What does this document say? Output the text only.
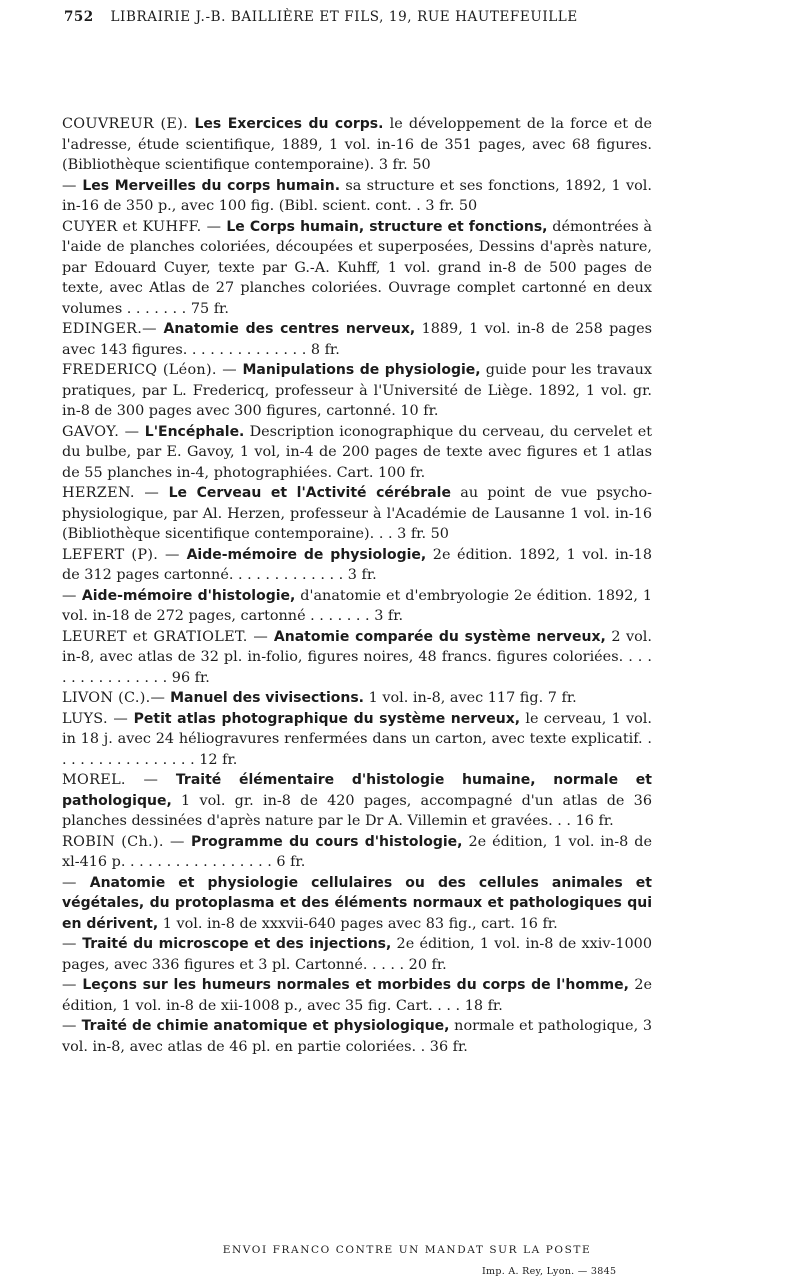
752 LIBRAIRIE J.-B. BAILLIÈRE ET FILS, 19, RUE HAUTEFEUILLE
COUVREUR (E). Les Exercices du corps. le développement de la force et de l'adresse, étude scientifique, 1889, 1 vol. in-16 de 351 pages, avec 68 figures. (Bibliothèque scientifique contemporaine). 3 fr. 50
— Les Merveilles du corps humain. sa structure et ses fonctions, 1892, 1 vol. in-16 de 350 p., avec 100 fig. (Bibl. scient. cont. . 3 fr. 50
CUYER et KUHFF. — Le Corps humain, structure et fonctions, démontrées à l'aide de planches coloriées, découpées et superposées, Dessins d'après nature, par Edouard Cuyer, texte par G.-A. Kuhff, 1 vol. grand in-8 de 500 pages de texte, avec Atlas de 27 planches coloriées. Ouvrage complet cartonné en deux volumes . . . . . . . 75 fr.
EDINGER.— Anatomie des centres nerveux, 1889, 1 vol. in-8 de 258 pages avec 143 figures. . . . . . . . . . . . . . 8 fr.
FREDERICQ (Léon). — Manipulations de physiologie, guide pour les travaux pratiques, par L. Fredericq, professeur à l'Université de Liège. 1892, 1 vol. gr. in-8 de 300 pages avec 300 figures, cartonné. 10 fr.
GAVOY. — L'Encéphale. Description iconographique du cerveau, du cervelet et du bulbe, par E. Gavoy, 1 vol, in-4 de 200 pages de texte avec figures et 1 atlas de 55 planches in-4, photographiées. Cart. 100 fr.
HERZEN. — Le Cerveau et l'Activité cérébrale au point de vue psycho-physiologique, par Al. Herzen, professeur à l'Académie de Lausanne 1 vol. in-16 (Bibliothèque sicentifique contemporaine). . . 3 fr. 50
LEFERT (P). — Aide-mémoire de physiologie, 2e édition. 1892, 1 vol. in-18 de 312 pages cartonné. . . . . . . . . . . . . 3 fr.
— Aide-mémoire d'histologie, d'anatomie et d'embryologie 2e édition. 1892, 1 vol. in-18 de 272 pages, cartonné . . . . . . . 3 fr.
LEURET et GRATIOLET. — Anatomie comparée du système nerveux, 2 vol. in-8, avec atlas de 32 pl. in-folio, figures noires, 48 francs. figures coloriées. . . . . . . . . . . . . . . . 96 fr.
LIVON (C.).— Manuel des vivisections. 1 vol. in-8, avec 117 fig. 7 fr.
LUYS. — Petit atlas photographique du système nerveux, le cerveau, 1 vol. in 18 j. avec 24 héliogravures renfermées dans un carton, avec texte explicatif. . . . . . . . . . . . . . . . . 12 fr.
MOREL. — Traité élémentaire d'histologie humaine, normale et pathologique, 1 vol. gr. in-8 de 420 pages, accompagné d'un atlas de 36 planches dessinées d'après nature par le Dr A. Villemin et gravées. . . 16 fr.
ROBIN (Ch.). — Programme du cours d'histologie, 2e édition, 1 vol. in-8 de xl-416 p. . . . . . . . . . . . . . . . . 6 fr.
— Anatomie et physiologie cellulaires ou des cellules animales et végétales, du protoplasma et des éléments normaux et pathologiques qui en dérivent, 1 vol. in-8 de xxxvii-640 pages avec 83 fig., cart. 16 fr.
— Traité du microscope et des injections, 2e édition, 1 vol. in-8 de xxiv-1000 pages, avec 336 figures et 3 pl. Cartonné. . . . . 20 fr.
— Leçons sur les humeurs normales et morbides du corps de l'homme, 2e édition, 1 vol. in-8 de xii-1008 p., avec 35 fig. Cart. . . . 18 fr.
— Traité de chimie anatomique et physiologique, normale et pathologique, 3 vol. in-8, avec atlas de 46 pl. en partie coloriées. . 36 fr.
ENVOI FRANCO CONTRE UN MANDAT SUR LA POSTE
Imp. A. Rey, Lyon. — 3845
